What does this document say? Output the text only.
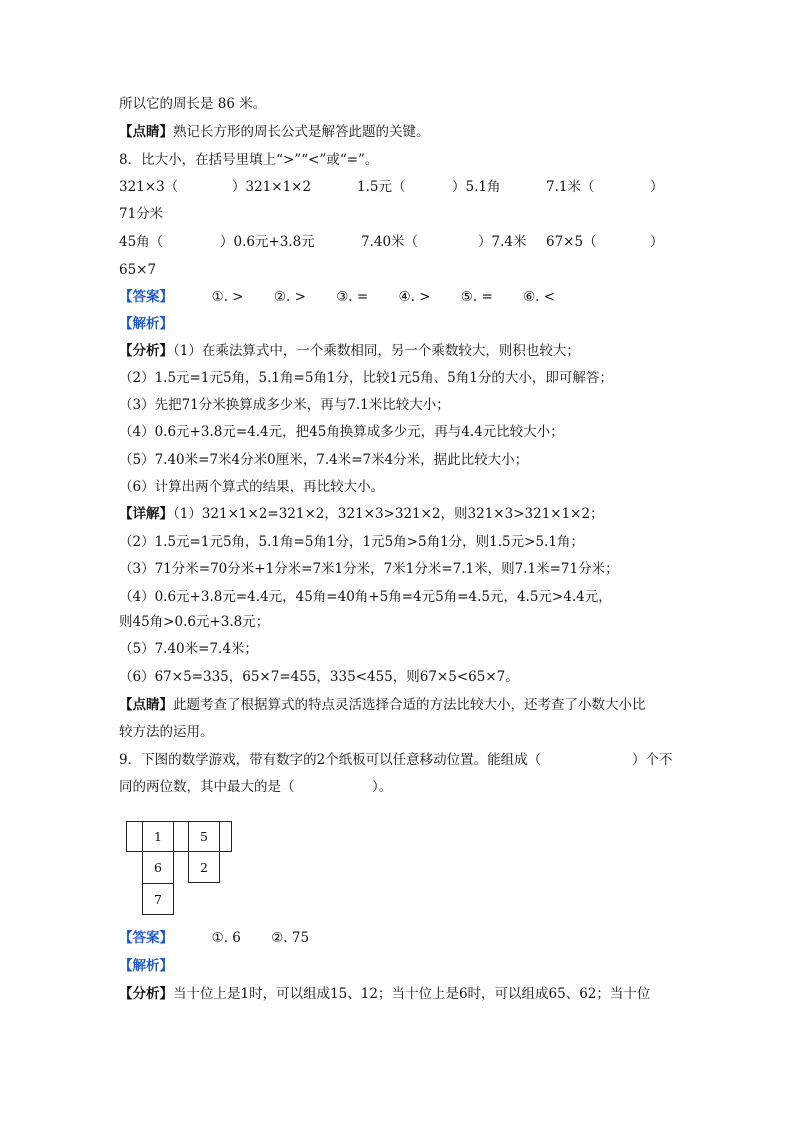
所以它的周长是 86 米。
【点睛】熟记长方形的周长公式是解答此题的关键。
8．比大小，在括号里填上“>”“<”或“=”。
321×3（	）321×1×2	1.5元（	）5.1角	7.1米（	）
71分米
45角（	）0.6元+3.8元	7.40米（	）7.4米 67×5（	）
65×7
【答案】	①. > ②. > ③. = ④. > ⑤. = ⑥. <
【解析】
【分析】（1）在乘法算式中，一个乘数相同，另一个乘数较大，则积也较大；
（2）1.5元=1元5角，5.1角=5角1分，比较1元5角、5角1分的大小，即可解答；
（3）先把71分米换算成多少米，再与7.1米比较大小；
（4）0.6元+3.8元=4.4元，把45角换算成多少元，再与4.4元比较大小；
（5）7.40米=7米4分米0厘米，7.4米=7米4分米，据此比较大小；
（6）计算出两个算式的结果，再比较大小。
【详解】（1）321×1×2=321×2，321×3>321×2，则321×3>321×1×2；
（2）1.5元=1元5角，5.1角=5角1分，1元5角>5角1分，则1.5元>5.1角；
（3）71分米=70分米+1分米=7米1分米，7米1分米=7.1米，则7.1米=71分米；
（4）0.6元+3.8元=4.4元，45角=40角+5角=4元5角=4.5元，4.5元>4.4元，
则45角>0.6元+3.8元；
（5）7.40米=7.4米；
（6）67×5=335，65×7=455，335<455，则67×5<65×7。
【点睛】此题考查了根据算式的特点灵活选择合适的方法比较大小，还考查了小数大小比
较方法的运用。
9．下图的数学游戏，带有数字的2个纸板可以任意移动位置。能组成（	）个不
同的两位数，其中最大的是（	）。
1
6
7
5
2
【答案】	①. 6 ②. 75
【解析】
【分析】当十位上是1时，可以组成15、12；当十位上是6时，可以组成65、62；当十位
